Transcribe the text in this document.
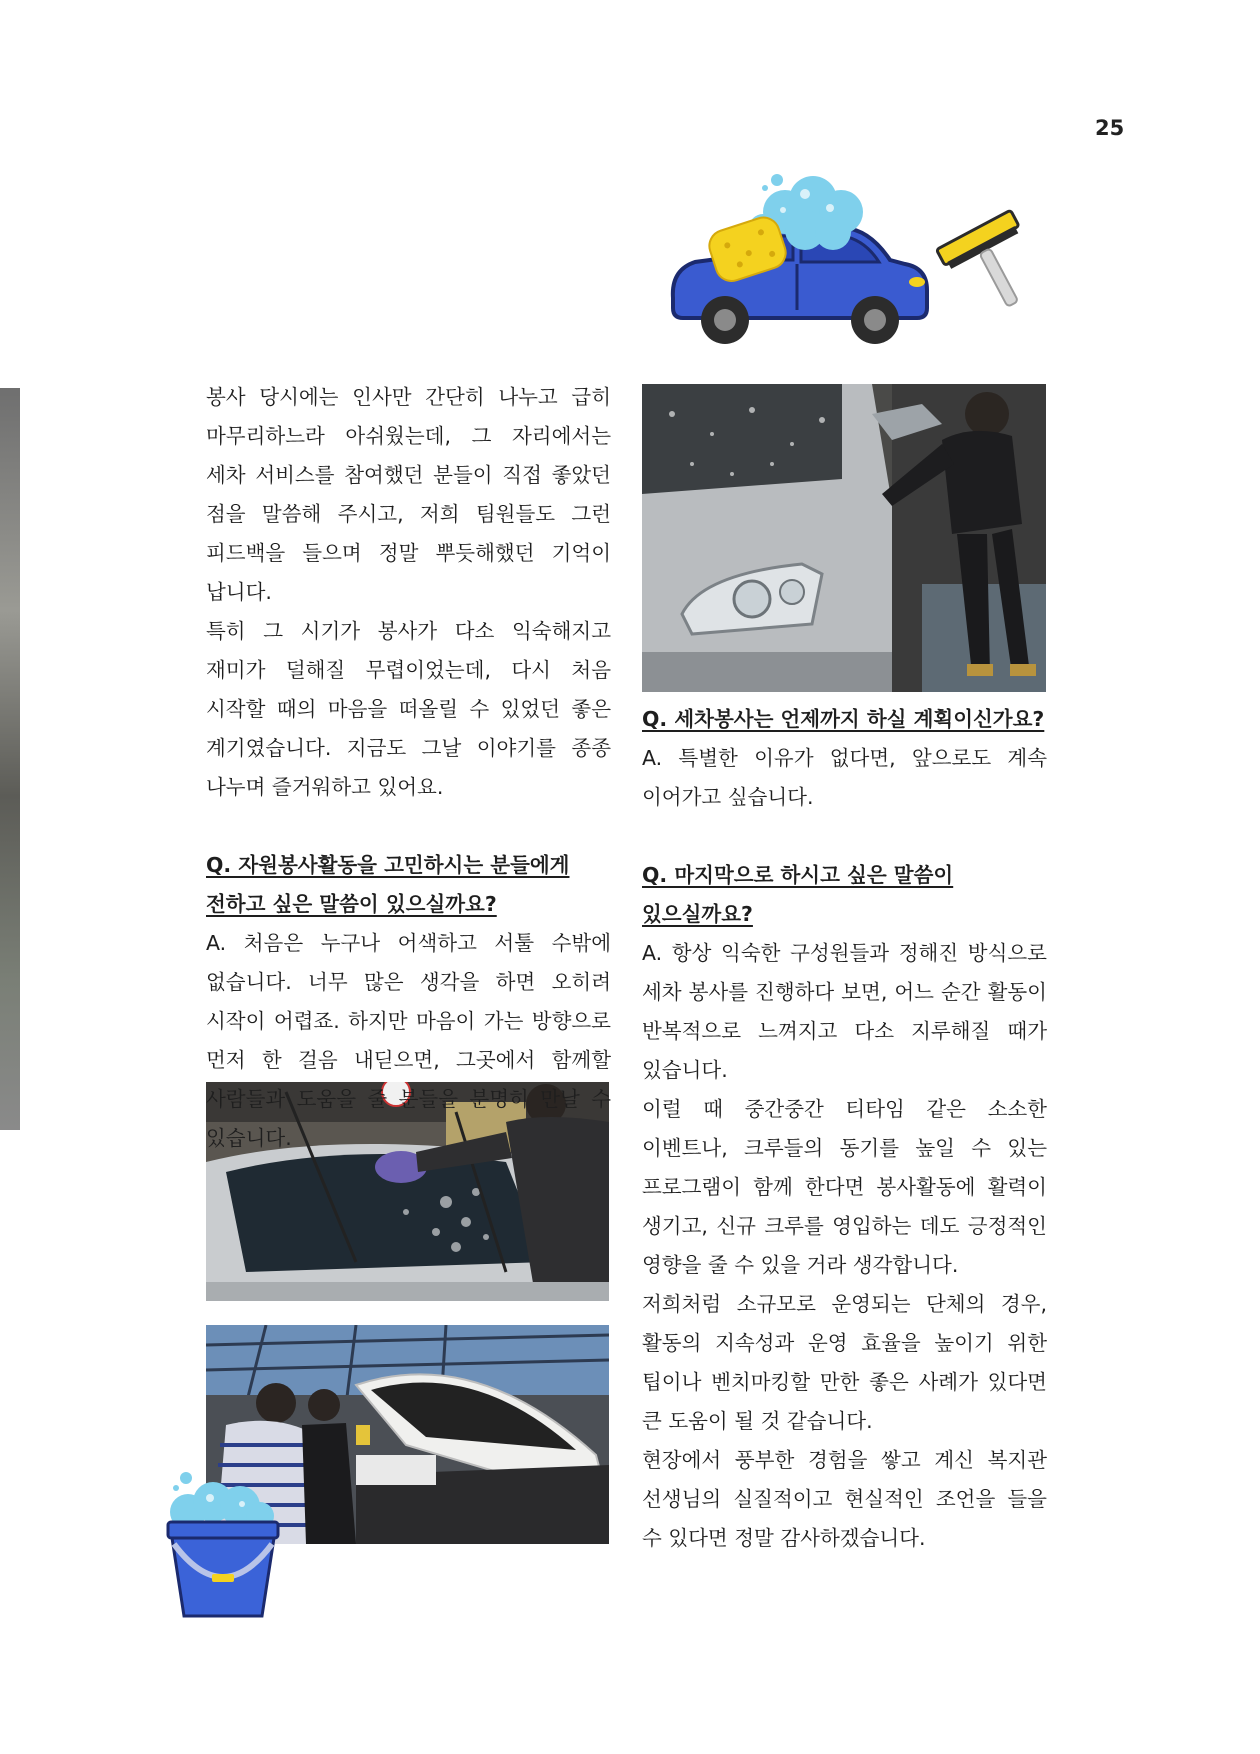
25

봉사 당시에는 인사만 간단히 나누고 급히 마무리하느라 아쉬웠는데, 그 자리에서는 세차 서비스를 참여했던 분들이 직접 좋았던 점을 말씀해 주시고, 저희 팀원들도 그런 피드백을 들으며 정말 뿌듯해했던 기억이 납니다.

특히 그 시기가 봉사가 다소 익숙해지고 재미가 덜해질 무렵이었는데, 다시 처음 시작할 때의 마음을 떠올릴 수 있었던 좋은 계기였습니다. 지금도 그날 이야기를 종종 나누며 즐거워하고 있어요.

Q. 자원봉사활동을 고민하시는 분들에게 전하고 싶은 말씀이 있으실까요?

A. 처음은 누구나 어색하고 서툴 수밖에 없습니다. 너무 많은 생각을 하면 오히려 시작이 어렵죠. 하지만 마음이 가는 방향으로 먼저 한 걸음 내딛으면, 그곳에서 함께할 사람들과 도움을 줄 분들을 분명히 만날 수 있습니다.

Q. 세차봉사는 언제까지 하실 계획이신가요?

A. 특별한 이유가 없다면, 앞으로도 계속 이어가고 싶습니다.

Q. 마지막으로 하시고 싶은 말씀이 있으실까요?

A. 항상 익숙한 구성원들과 정해진 방식으로 세차 봉사를 진행하다 보면, 어느 순간 활동이 반복적으로 느껴지고 다소 지루해질 때가 있습니다.

이럴 때 중간중간 티타임 같은 소소한 이벤트나, 크루들의 동기를 높일 수 있는 프로그램이 함께 한다면 봉사활동에 활력이 생기고, 신규 크루를 영입하는 데도 긍정적인 영향을 줄 수 있을 거라 생각합니다.

저희처럼 소규모로 운영되는 단체의 경우, 활동의 지속성과 운영 효율을 높이기 위한 팁이나 벤치마킹할 만한 좋은 사례가 있다면 큰 도움이 될 것 같습니다.

현장에서 풍부한 경험을 쌓고 계신 복지관 선생님의 실질적이고 현실적인 조언을 들을 수 있다면 정말 감사하겠습니다.
